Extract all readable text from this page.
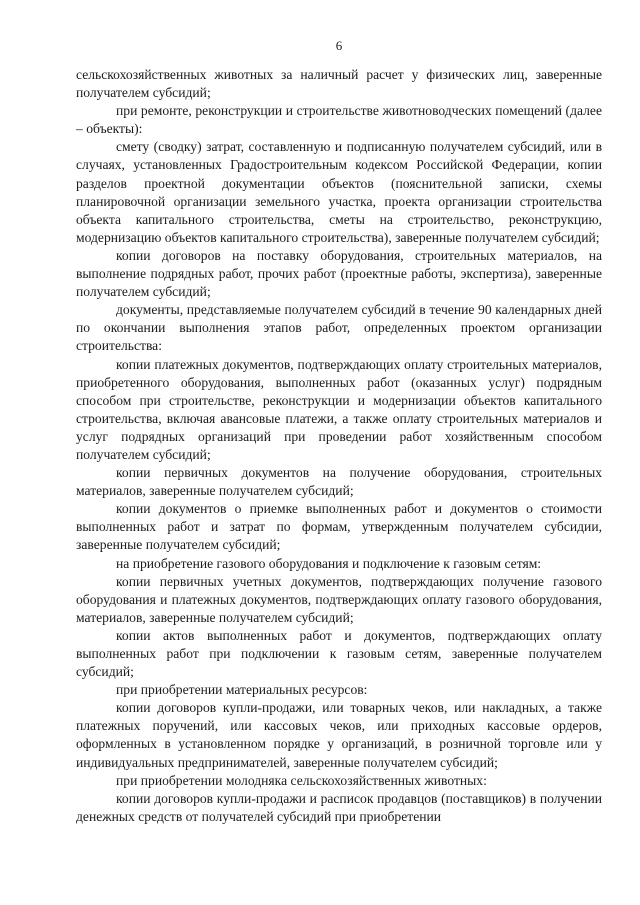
6

сельскохозяйственных животных за наличный расчет у физических лиц, заверенные получателем субсидий;

при ремонте, реконструкции и строительстве животноводческих помещений (далее – объекты):

смету (сводку) затрат, составленную и подписанную получателем субсидий, или в случаях, установленных Градостроительным кодексом Российской Федерации, копии разделов проектной документации объектов (пояснительной записки, схемы планировочной организации земельного участка, проекта организации строительства объекта капитального строительства, сметы на строительство, реконструкцию, модернизацию объектов капитального строительства), заверенные получателем субсидий;

копии договоров на поставку оборудования, строительных материалов, на выполнение подрядных работ, прочих работ (проектные работы, экспертиза), заверенные получателем субсидий;

документы, представляемые получателем субсидий в течение 90 календарных дней по окончании выполнения этапов работ, определенных проектом организации строительства:

копии платежных документов, подтверждающих оплату строительных материалов, приобретенного оборудования, выполненных работ (оказанных услуг) подрядным способом при строительстве, реконструкции и модернизации объектов капитального строительства, включая авансовые платежи, а также оплату строительных материалов и услуг подрядных организаций при проведении работ хозяйственным способом получателем субсидий;

копии первичных документов на получение оборудования, строительных материалов, заверенные получателем субсидий;

копии документов о приемке выполненных работ и документов о стоимости выполненных работ и затрат по формам, утвержденным получателем субсидии, заверенные получателем субсидий;

на приобретение газового оборудования и подключение к газовым сетям:

копии первичных учетных документов, подтверждающих получение газового оборудования и платежных документов, подтверждающих оплату газового оборудования, материалов, заверенные получателем субсидий;

копии актов выполненных работ и документов, подтверждающих оплату выполненных работ при подключении к газовым сетям, заверенные получателем субсидий;

при приобретении материальных ресурсов:

копии договоров купли-продажи, или товарных чеков, или накладных, а также платежных поручений, или кассовых чеков, или приходных кассовые ордеров, оформленных в установленном порядке у организаций, в розничной торговле или у индивидуальных предпринимателей, заверенные получателем субсидий;

при приобретении молодняка сельскохозяйственных животных:

копии договоров купли-продажи и расписок продавцов (поставщиков) в получении денежных средств от получателей субсидий при приобретении
